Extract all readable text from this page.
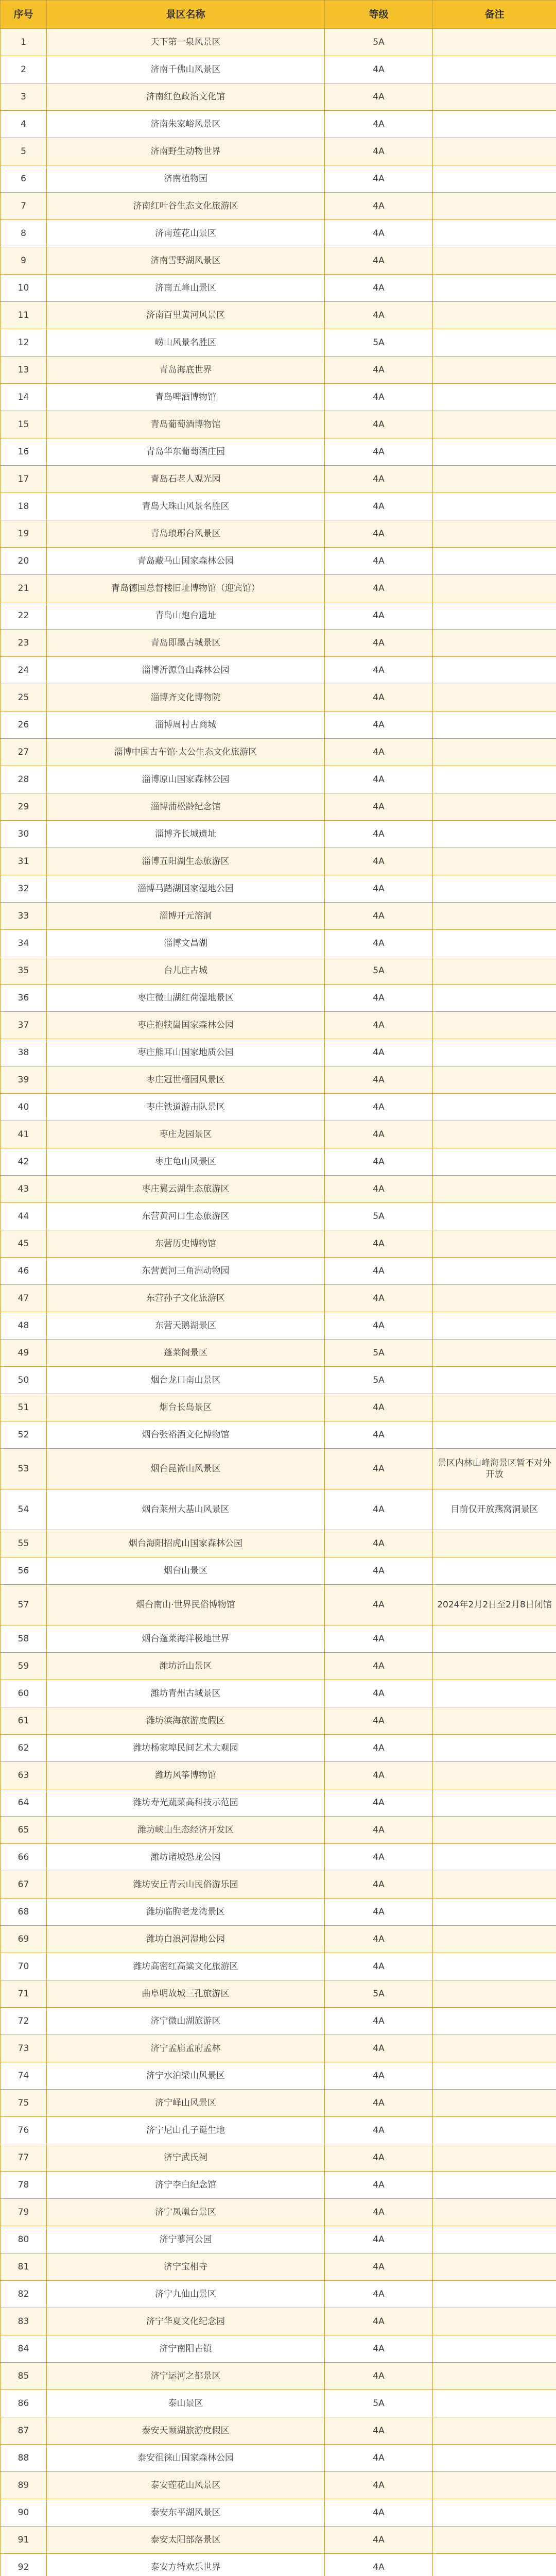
序号	景区名称	等级	备注
1	天下第一泉风景区	5A	
2	济南千佛山风景区	4A	
3	济南红色政治文化馆	4A	
4	济南朱家峪风景区	4A	
5	济南野生动物世界	4A	
6	济南植物园	4A	
7	济南红叶谷生态文化旅游区	4A	
8	济南莲花山景区	4A	
9	济南雪野湖风景区	4A	
10	济南五峰山景区	4A	
11	济南百里黄河风景区	4A	
12	崂山风景名胜区	5A	
13	青岛海底世界	4A	
14	青岛啤酒博物馆	4A	
15	青岛葡萄酒博物馆	4A	
16	青岛华东葡萄酒庄园	4A	
17	青岛石老人观光园	4A	
18	青岛大珠山风景名胜区	4A	
19	青岛琅琊台风景区	4A	
20	青岛藏马山国家森林公园	4A	
21	青岛德国总督楼旧址博物馆（迎宾馆）	4A	
22	青岛山炮台遗址	4A	
23	青岛即墨古城景区	4A	
24	淄博沂源鲁山森林公园	4A	
25	淄博齐文化博物院	4A	
26	淄博周村古商城	4A	
27	淄博中国古车馆·太公生态文化旅游区	4A	
28	淄博原山国家森林公园	4A	
29	淄博蒲松龄纪念馆	4A	
30	淄博齐长城遗址	4A	
31	淄博五阳湖生态旅游区	4A	
32	淄博马踏湖国家湿地公园	4A	
33	淄博开元溶洞	4A	
34	淄博文昌湖	4A	
35	台儿庄古城	5A	
36	枣庄微山湖红荷湿地景区	4A	
37	枣庄抱犊崮国家森林公园	4A	
38	枣庄熊耳山国家地质公园	4A	
39	枣庄冠世榴园风景区	4A	
40	枣庄铁道游击队景区	4A	
41	枣庄龙园景区	4A	
42	枣庄龟山风景区	4A	
43	枣庄翼云湖生态旅游区	4A	
44	东营黄河口生态旅游区	5A	
45	东营历史博物馆	4A	
46	东营黄河三角洲动物园	4A	
47	东营孙子文化旅游区	4A	
48	东营天鹅湖景区	4A	
49	蓬莱阁景区	5A	
50	烟台龙口南山景区	5A	
51	烟台长岛景区	4A	
52	烟台张裕酒文化博物馆	4A	
53	烟台昆嵛山风景区	4A	景区内林山峰海景区暂不对外开放
54	烟台莱州大基山风景区	4A	目前仅开放燕窝洞景区
55	烟台海阳招虎山国家森林公园	4A	
56	烟台山景区	4A	
57	烟台南山·世界民俗博物馆	4A	2024年2月2日至2月8日闭馆
58	烟台蓬莱海洋极地世界	4A	
59	潍坊沂山景区	4A	
60	潍坊青州古城景区	4A	
61	潍坊滨海旅游度假区	4A	
62	潍坊杨家埠民间艺术大观园	4A	
63	潍坊风筝博物馆	4A	
64	潍坊寿光蔬菜高科技示范园	4A	
65	潍坊峡山生态经济开发区	4A	
66	潍坊诸城恐龙公园	4A	
67	潍坊安丘青云山民俗游乐园	4A	
68	潍坊临朐老龙湾景区	4A	
69	潍坊白浪河湿地公园	4A	
70	潍坊高密红高粱文化旅游区	4A	
71	曲阜明故城三孔旅游区	5A	
72	济宁微山湖旅游区	4A	
73	济宁孟庙孟府孟林	4A	
74	济宁水泊梁山风景区	4A	
75	济宁峄山风景区	4A	
76	济宁尼山孔子诞生地	4A	
77	济宁武氏祠	4A	
78	济宁李白纪念馆	4A	
79	济宁凤凰台景区	4A	
80	济宁蓼河公园	4A	
81	济宁宝相寺	4A	
82	济宁九仙山景区	4A	
83	济宁华夏文化纪念园	4A	
84	济宁南阳古镇	4A	
85	济宁运河之都景区	4A	
86	泰山景区	5A	
87	泰安天颐湖旅游度假区	4A	
88	泰安徂徕山国家森林公园	4A	
89	泰安莲花山风景区	4A	
90	泰安东平湖风景区	4A	
91	泰安太阳部落景区	4A	
92	泰安方特欢乐世界	4A	
